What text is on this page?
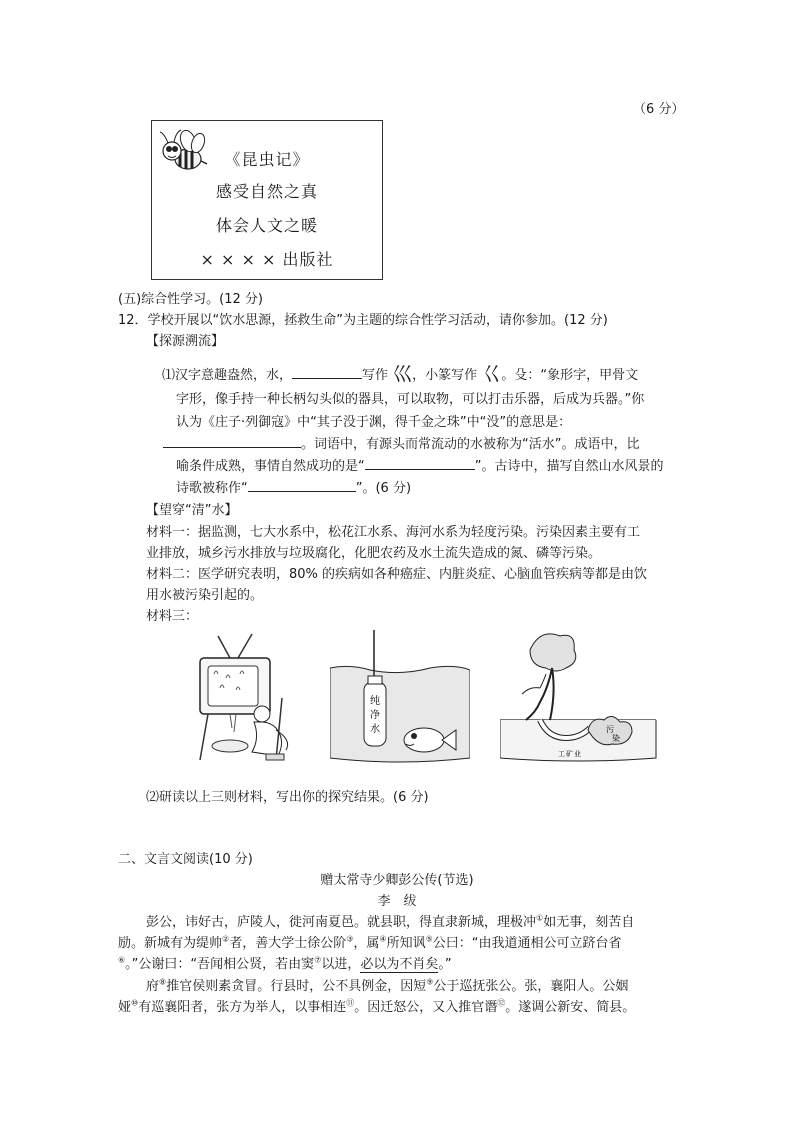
（6 分）
《昆虫记》
感受自然之真
体会人文之暖
× × × × 出版社
(五)综合性学习。(12 分)
12．学校开展以“饮水思源，拯救生命”为主题的综合性学习活动，请你参加。(12 分)
【探源溯流】
⑴汉字意趣盎然，水，	写作 巛，小篆写作 巜。殳：“象形字，甲骨文
字形，像手持一种长柄勾头似的器具，可以取物，可以打击乐器，后成为兵器。”你
认为《庄子·列御寇》中“其子没于渊，得千金之珠”中“没”的意思是：
。词语中，有源头而常流动的水被称为“活水”。成语中，比
喻条件成熟，事情自然成功的是“	”。古诗中，描写自然山水风景的
诗歌被称作“	”。(6 分)
【望穿“清”水】
材料一：据监测，七大水系中，松花江水系、海河水系为轻度污染。污染因素主要有工
业排放，城乡污水排放与垃圾腐化，化肥农药及水土流失造成的氮、磷等污染。
材料二：医学研究表明，80% 的疾病如各种癌症、内脏炎症、心脑血管疾病等都是由饮
用水被污染引起的。
材料三：
纯
净
水
工 矿 业
污
染
⑵研读以上三则材料，写出你的探究结果。(6 分)
二、文言文阅读(10 分)
赠太常寺少卿彭公传(节选)
李　绂
彭公，讳好古，庐陵人，徙河南夏邑。就县职，得直隶新城，理极冲①如无事，刻苦自
励。新城有为缇帅②者，善大学士徐公阶③，属④所知讽⑤公曰：“由我道通相公可立跻台省
⑥。”公谢曰：“吾闻相公贤，若由窦⑦以进，必以为不肖矣。”
府⑧推官侯则素贪冒。行县时，公不具例金，因短⑨公于巡抚张公。张，襄阳人。公姻
娅⑩有巡襄阳者，张方为举人，以事相连⑪。因迁怒公，又入推官谮⑫。遂调公新安、简县。
